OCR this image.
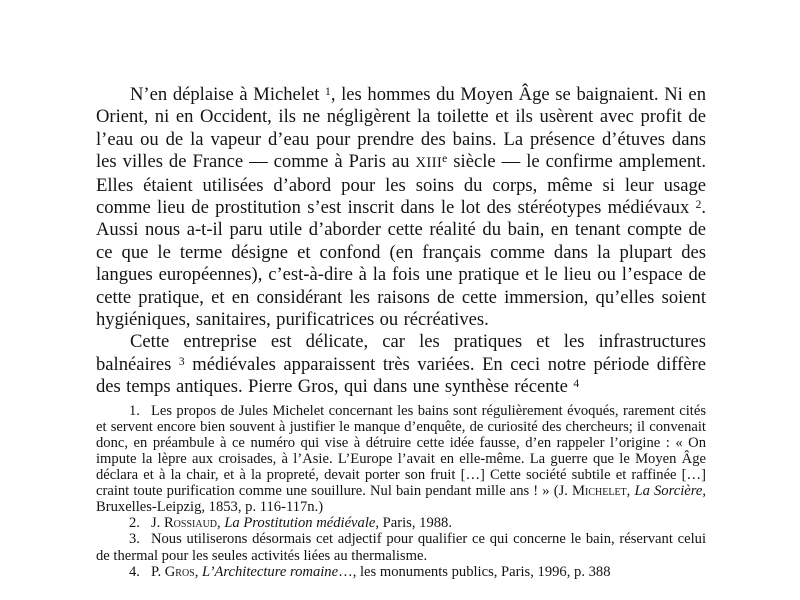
N’en déplaise à Michelet $^1$, les hommes du Moyen Âge se baignaient. Ni en Orient, ni en Occident, ils ne négligèrent la toilette et ils usèrent avec profit de l’eau ou de la vapeur d’eau pour prendre des bains. La présence d’étuves dans les villes de France — comme à Paris au XIIIe siècle — le confirme amplement. Elles étaient utilisées d’abord pour les soins du corps, même si leur usage comme lieu de prostitution s’est inscrit dans le lot des stéréotypes médiévaux $^2$. Aussi nous a-t-il paru utile d’aborder cette réalité du bain, en tenant compte de ce que le terme désigne et confond (en français comme dans la plupart des langues européennes), c’est-à-dire à la fois une pratique et le lieu ou l’espace de cette pratique, et en considérant les raisons de cette immersion, qu’elles soient hygiéniques, sanitaires, purificatrices ou récréatives.

Cette entreprise est délicate, car les pratiques et les infrastructures balnéaires $^3$ médiévales apparaissent très variées. En ceci notre période diffère des temps antiques. Pierre Gros, qui dans une synthèse récente $^4$

1. Les propos de Jules Michelet concernant les bains sont régulièrement évoqués, rarement cités et servent encore bien souvent à justifier le manque d’enquête, de curiosité des chercheurs; il convenait donc, en préambule à ce numéro qui vise à détruire cette idée fausse, d’en rappeler l’origine : « On impute la lèpre aux croisades, à l’Asie. L’Europe l’avait en elle-même. La guerre que le Moyen Âge déclara et à la chair, et à la propreté, devait porter son fruit […] Cette société subtile et raffinée […] craint toute purification comme une souillure. Nul bain pendant mille ans ! » (J. Michelet, La Sorcière, Bruxelles-Leipzig, 1853, p. 116-117n.)

2. J. Rossiaud, La Prostitution médiévale, Paris, 1988.

3. Nous utiliserons désormais cet adjectif pour qualifier ce qui concerne le bain, réservant celui de thermal pour les seules activités liées au thermalisme.

4. P. Gros, L’Architecture romaine…, les monuments publics, Paris, 1996, p. 388
